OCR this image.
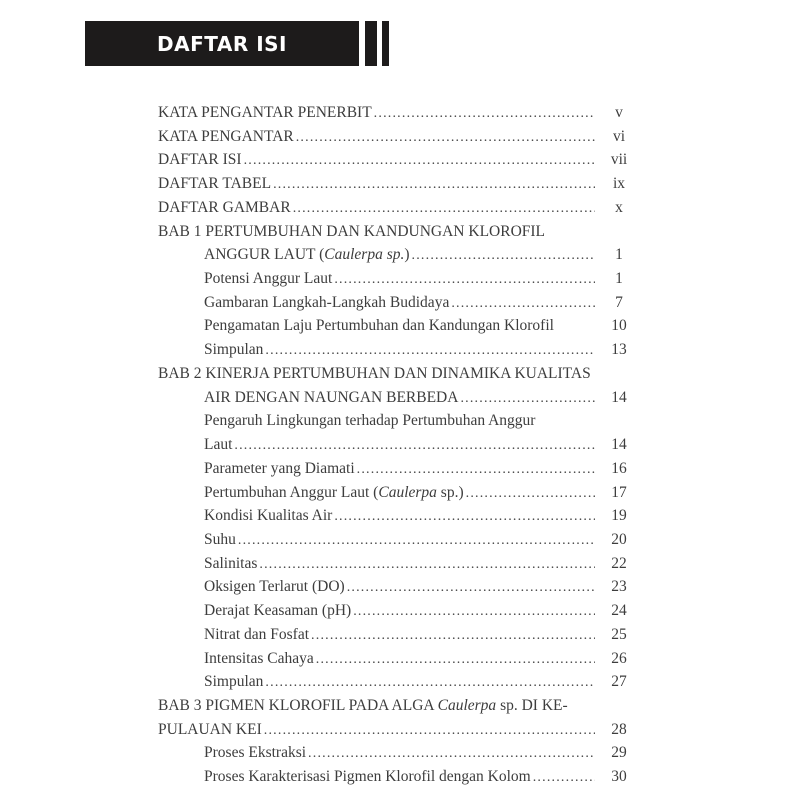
DAFTAR ISI
KATA PENGANTAR PENERBIT .....	v
KATA PENGANTAR .....	vi
DAFTAR ISI .....	vii
DAFTAR TABEL .....	ix
DAFTAR GAMBAR .....	x
BAB 1 PERTUMBUHAN DAN KANDUNGAN KLOROFIL
ANGGUR LAUT (Caulerpa sp.) .....	1
Potensi Anggur Laut .....	1
Gambaran Langkah-Langkah Budidaya .....	7
Pengamatan Laju Pertumbuhan dan Kandungan Klorofil	10
Simpulan .....	13
BAB 2 KINERJA PERTUMBUHAN DAN DINAMIKA KUALITAS
AIR DENGAN NAUNGAN BERBEDA .....	14
Pengaruh Lingkungan terhadap Pertumbuhan Anggur
Laut .....	14
Parameter yang Diamati .....	16
Pertumbuhan Anggur Laut (Caulerpa sp.) .....	17
Kondisi Kualitas Air .....	19
Suhu .....	20
Salinitas .....	22
Oksigen Terlarut (DO) .....	23
Derajat Keasaman (pH) .....	24
Nitrat dan Fosfat .....	25
Intensitas Cahaya .....	26
Simpulan .....	27
BAB 3 PIGMEN KLOROFIL PADA ALGA Caulerpa sp. DI KE-
PULAUAN KEI .....	28
Proses Ekstraksi .....	29
Proses Karakterisasi Pigmen Klorofil dengan Kolom .....	30
